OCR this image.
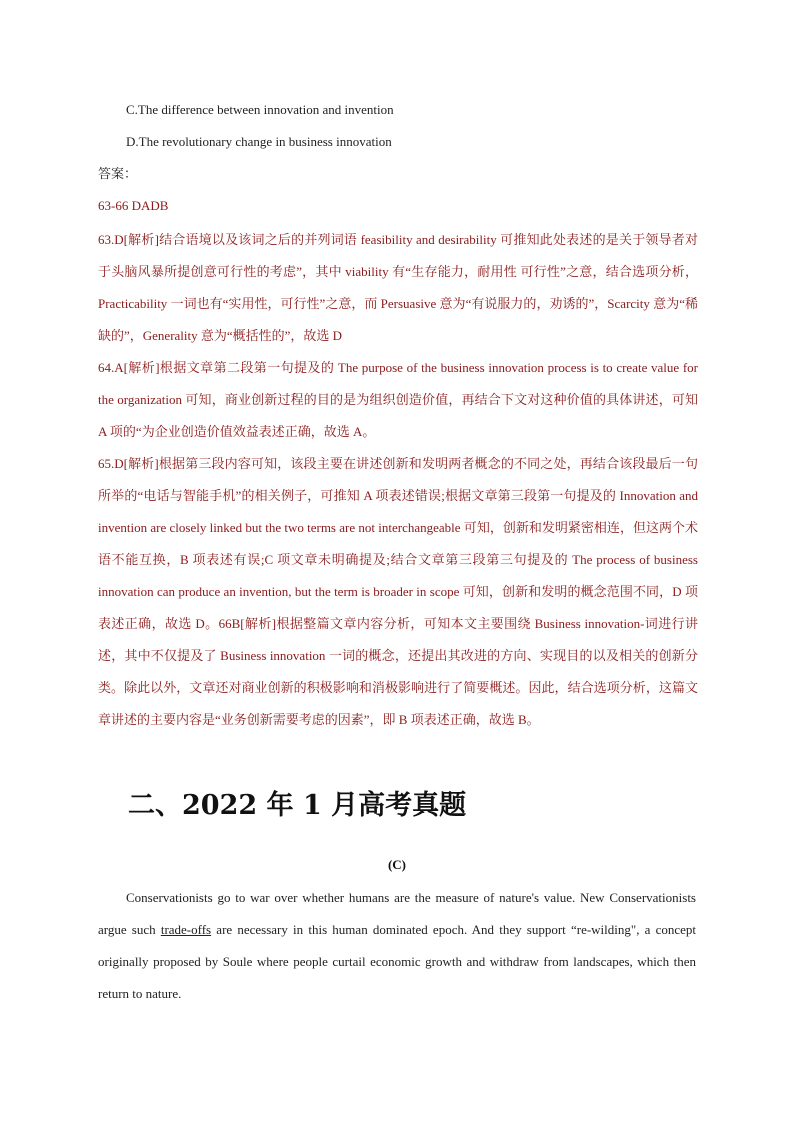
C.The difference between innovation and invention
D.The revolutionary change in business innovation
答案：
63-66 DADB

63.D[解析]结合语境以及该词之后的并列词语 feasibility and desirability 可推知此处表述的是关于领导者对于头脑风暴所提创意可行性的考虑”，其中 viability 有“生存能力，耐用性 可行性”之意，结合选项分析，Practicability 一词也有“实用性，可行性”之意，而 Persuasive 意为“有说服力的，劝诱的”，Scarcity 意为“稀缺的”，Generality 意为“概括性的”，故选 D

64.A[解析]根据文章第二段第一句提及的 The purpose of the business innovation process is to create value for the organization 可知，商业创新过程的目的是为组织创造价值，再结合下文对这种价值的具体讲述，可知 A 项的“为企业创造价值效益表述正确，故选 A。

65.D[解析]根据第三段内容可知，该段主要在讲述创新和发明两者概念的不同之处，再结合该段最后一句所举的“电话与智能手机”的相关例子，可推知 A 项表述错误;根据文章第三段第一句提及的 Innovation and invention are closely linked but the two terms are not interchangeable 可知，创新和发明紧密相连，但这两个术语不能互换，B 项表述有误;C 项文章未明确提及;结合文章第三段第三句提及的 The process of business innovation can produce an invention, but the term is broader in scope 可知，创新和发明的概念范围不同，D 项表述正确，故选 D。66B[解析]根据整篇文章内容分析，可知本文主要围绕 Business innovation-词进行讲述，其中不仅提及了 Business innovation 一词的概念，还提出其改进的方向、实现目的以及相关的创新分类。除此以外，文章还对商业创新的积极影响和消极影响进行了简要概述。因此，结合选项分析，这篇文章讲述的主要内容是“业务创新需要考虑的因素”，即 B 项表述正确，故选 B。

二、2022 年 1 月高考真题
(C)

Conservationists go to war over whether humans are the measure of nature's value. New Conservationists argue such trade-offs are necessary in this human dominated epoch. And they support “re-wilding", a concept originally proposed by Soule where people curtail economic growth and withdraw from landscapes, which then return to nature.
